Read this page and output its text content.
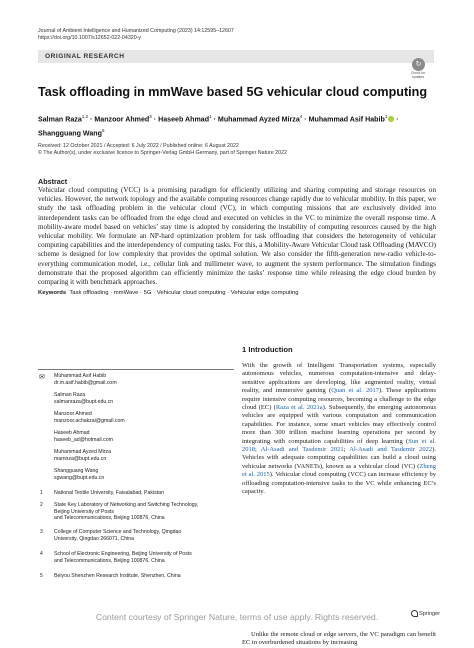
Journal of Ambient Intelligence and Humanized Computing (2023) 14:12595–12607
https://doi.org/10.1007/s12652-022-04320-y
ORIGINAL RESEARCH
↻
Check for updates
Task offloading in mmWave based 5G vehicular cloud computing
Salman Raza$^{1,2}$ · Manzoor Ahmed$^3$ · Haseeb Ahmad$^1$ · Muhammad Ayzed Mirza$^4$ · Muhammad Asif Habib$^1$ ·
Shangguang Wang$^5$
Received: 12 October 2021 / Accepted: 6 July 2022 / Published online: 6 August 2022
© The Author(s), under exclusive licence to Springer-Verlag GmbH Germany, part of Springer Nature 2022
Abstract
Vehicular cloud computing (VCC) is a promising paradigm for efficiently utilizing and sharing computing and storage resources on vehicles. However, the network topology and the available computing resources change rapidly due to vehicular mobility. In this paper, we study the task offloading problem in the vehicular cloud (VC), in which computing missions that are exclusively divided into interdependent tasks can be offloaded from the edge cloud and executed on vehicles in the VC to minimize the overall response time. A mobility-aware model based on vehicles’ stay time is adopted by considering the instability of computing resources caused by the high vehicular mobility. We formulate an NP-hard optimization problem for task offloading that considers the heterogeneity of vehicular computing capabilities and the interdependency of computing tasks. For this, a Mobility-Aware Vehicular Cloud task Offloading (MAVCO) scheme is designed for low complexity that provides the optimal solution. We also consider the fifth-generation new-radio vehicle-to-everything communication model, i.e., cellular link and millimeter wave, to augment the system performance. The simulation findings demonstrate that the proposed algorithm can efficiently minimize the tasks’ response time while releasing the edge cloud burden by comparing it with benchmark approaches.
Keywords Task offloading · mmWave · 5G · Vehicular cloud computing · Vehicular edge computing
✉ Muhammad Asif Habib
dr.m.asif.habib@gmail.com
Salman Raza
salmanraza@bupt.edu.cn
Manzoor Ahmed
manzoor.achakzai@gmail.com
Haseeb Ahmad
haseeb_ad@hotmail.com
Muhammad Ayzed Mirza
mamirza@bupt.edu.cn
Shangguang Wang
sgwang@bupt.edu.cn
1 National Textile University, Faisalabad, Pakistan
2 State Key Laboratory of Networking and Switching Technology, Beijing University of Posts
and Telecommunications, Beijing 100876, China
3 College of Computer Science and Technology, Qingdao
University, Qingdao 266071, China
4 School of Electronic Engineering, Beijing University of Posts
and Telecommunications, Beijing 100876, China
5 Beiyou Shenzhen Research Institute, Shenzhen, China
1 Introduction
With the growth of Intelligent Transportation systems, especially autonomous vehicles, numerous computation-intensive and delay-sensitive applications are developing, like augmented reality, virtual reality, and immersive gaming (Quan et al. 2017). These applications require intensive computing resources, becoming a challenge to the edge cloud (EC) (Raza et al. 2021a). Subsequently, the emerging autonomous vehicles are equipped with various computation and communication capabilities. For instance, some smart vehicles may effectively control more than 300 trillion machine learning operations per second by integrating with computation capabilities of deep learning (Sun et al. 2018; Al-Asadi and Tasdemir 2021; Al-Asadi and Tasdemir 2022). Vehicles with adequate computing capabilities can build a cloud using vehicular networks (VANETs), known as a vehicular cloud (VC) (Zheng et al. 2015). Vehicular cloud computing (VCC) can increase efficiency by offloading computation-intensive tasks to the VC while enhancing EC’s capacity.
Unlike the remote cloud or edge servers, the VC paradigm can benefit EC in overburdened situations by increasing
Springer
Content courtesy of Springer Nature, terms of use apply. Rights reserved.
